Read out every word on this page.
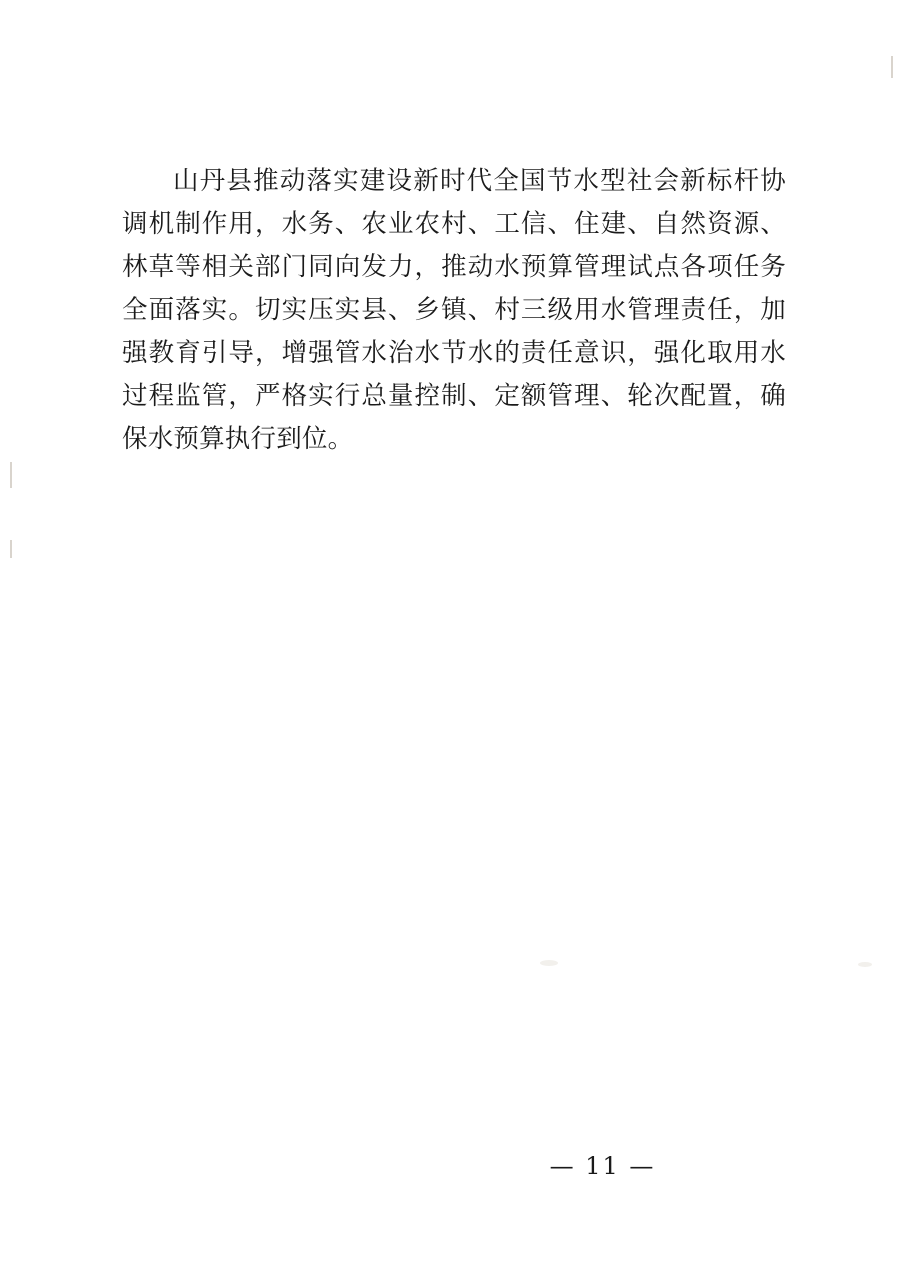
山丹县推动落实建设新时代全国节水型社会新标杆协调机制作用，水务、农业农村、工信、住建、自然资源、林草等相关部门同向发力，推动水预算管理试点各项任务全面落实。切实压实县、乡镇、村三级用水管理责任，加强教育引导，增强管水治水节水的责任意识，强化取用水过程监管，严格实行总量控制、定额管理、轮次配置，确保水预算执行到位。

— 11 —
